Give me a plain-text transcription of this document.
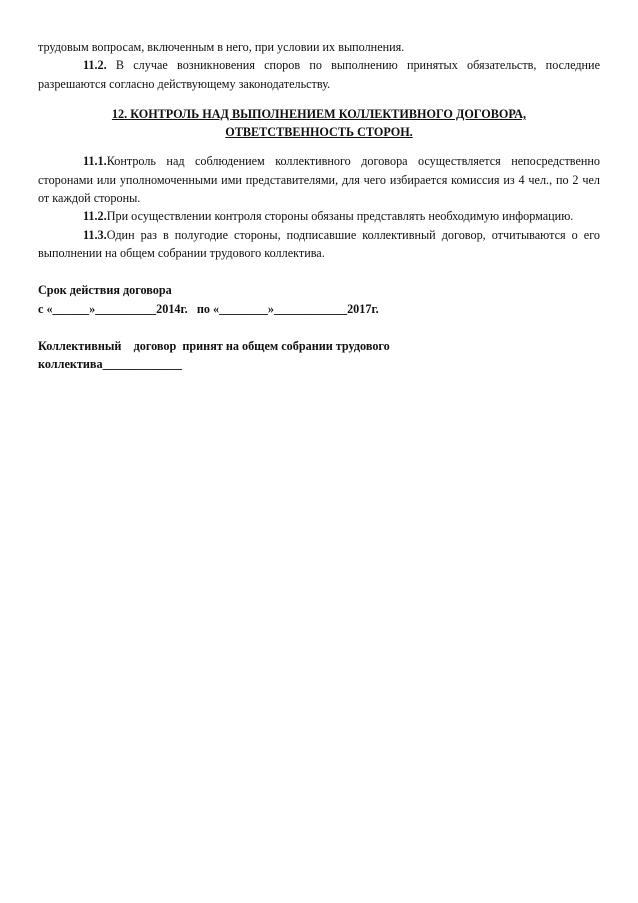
трудовым вопросам, включенным в него, при условии их выполнения.

11.2. В случае возникновения споров по выполнению принятых обязательств, последние разрешаются согласно действующему законодательству.

12. КОНТРОЛЬ НАД ВЫПОЛНЕНИЕМ КОЛЛЕКТИВНОГО ДОГОВОРА,
ОТВЕТСТВЕННОСТЬ СТОРОН.

11.1.Контроль над соблюдением коллективного договора осуществляется непосредственно сторонами или уполномоченными ими представителями, для чего избирается комиссия из 4 чел., по 2 чел от каждой стороны.

11.2.При осуществлении контроля стороны обязаны представлять необходимую информацию.

11.3.Один раз в полугодие стороны, подписавшие коллективный договор, отчитываются о его выполнении на общем собрании трудового коллектива.

Срок действия договора
с «______»__________2014г.   по «________»____________2017г.
Коллективный    договор  принят на общем собрании трудового
коллектива_____________
